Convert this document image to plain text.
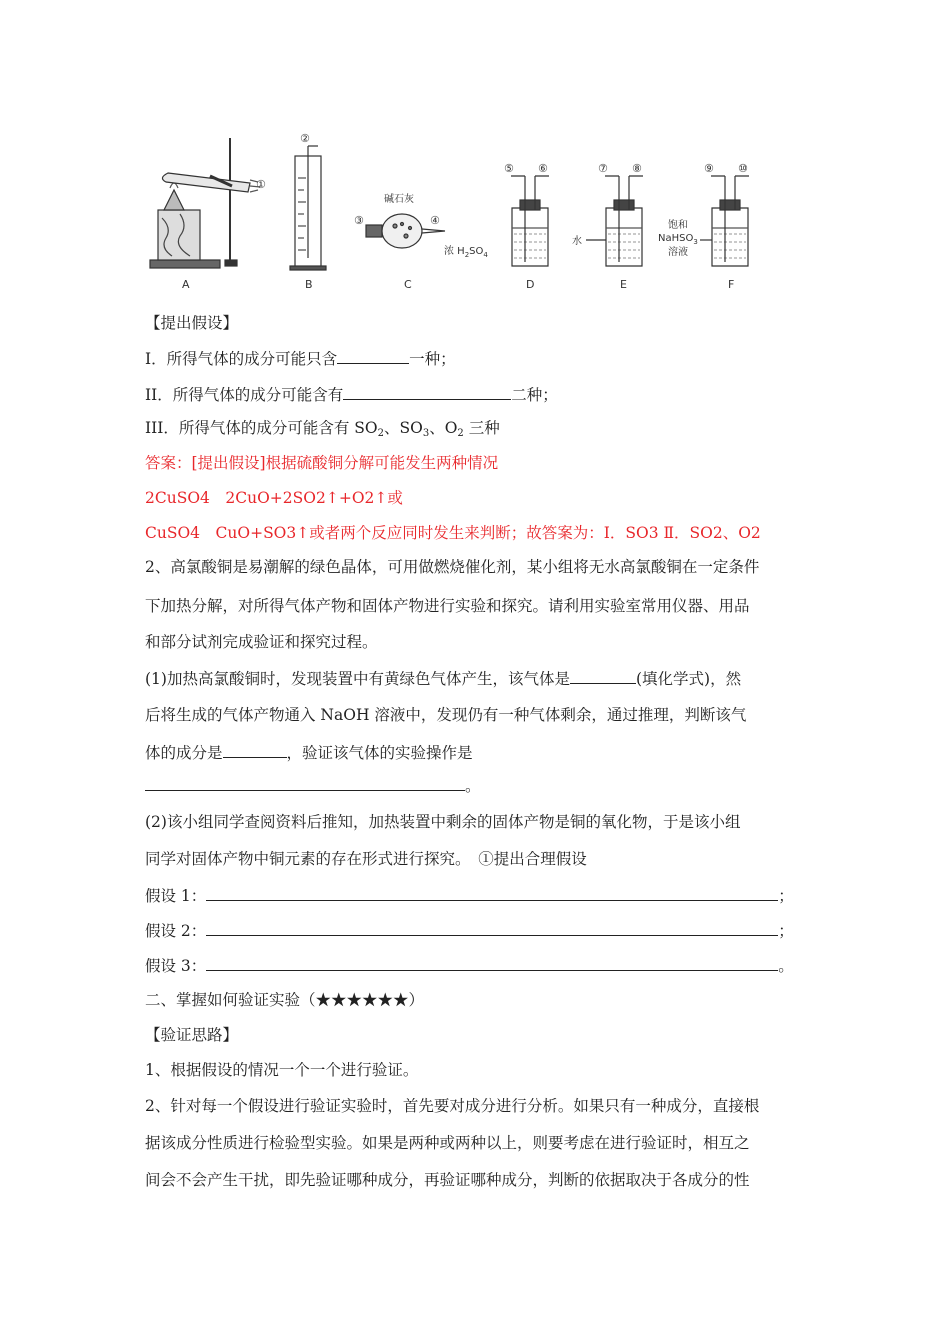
A
①
②
B
碱石灰
③	④
C
⑤ ⑥
浓 $H_2SO_4$
D
⑦ ⑧
水
E
⑨ ⑩
饱和
NaHSO$_3$
溶液
F
【提出假设】
I．所得气体的成分可能只含	一种；
II．所得气体的成分可能含有	二种；
III．所得气体的成分可能含有 $SO_2$、$SO_3$、$O_2$ 三种
答案：[提出假设]根据硫酸铜分解可能发生两种情况
2CuSO4　2CuO+2SO2↑+O2↑或
CuSO4　CuO+SO3↑或者两个反应同时发生来判断；故答案为：Ⅰ．SO3 Ⅱ．SO2、O2
2、高氯酸铜是易潮解的绿色晶体，可用做燃烧催化剂，某小组将无水高氯酸铜在一定条件
下加热分解，对所得气体产物和固体产物进行实验和探究。请利用实验室常用仪器、用品
和部分试剂完成验证和探究过程。
(1)加热高氯酸铜时，发现装置中有黄绿色气体产生，该气体是	(填化学式)，然
后将生成的气体产物通入 NaOH 溶液中，发现仍有一种气体剩余，通过推理，判断该气
体的成分是	，验证该气体的实验操作是
。
(2)该小组同学查阅资料后推知，加热装置中剩余的固体产物是铜的氧化物，于是该小组
同学对固体产物中铜元素的存在形式进行探究。　①提出合理假设
假设 1：	；
假设 2：	；
假设 3：	。
二、掌握如何验证实验（★★★★★★）
【验证思路】
1、根据假设的情况一个一个进行验证。
2、针对每一个假设进行验证实验时，首先要对成分进行分析。如果只有一种成分，直接根
据该成分性质进行检验型实验。如果是两种或两种以上，则要考虑在进行验证时，相互之
间会不会产生干扰，即先验证哪种成分，再验证哪种成分，判断的依据取决于各成分的性
